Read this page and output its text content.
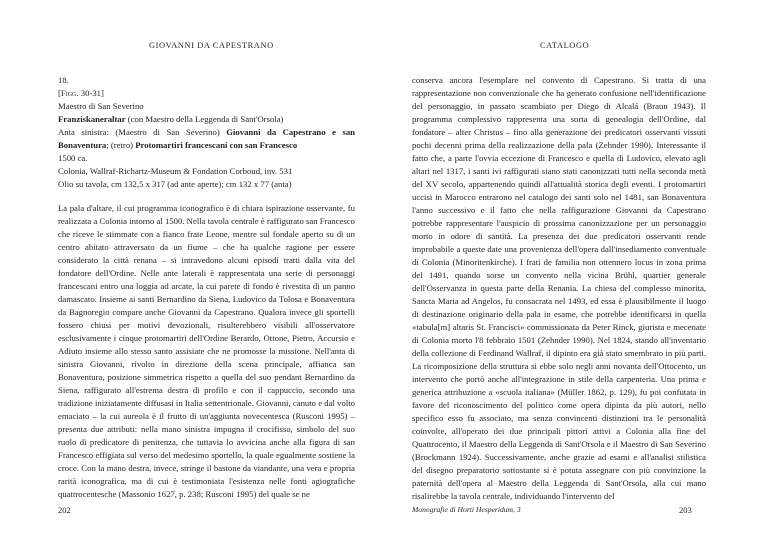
GIOVANNI DA CAPESTRANO
18.
[Figg. 30-31]
Maestro di San Severino
Franziskaneraltar (con Maestro della Leggenda di Sant'Orsola)
Anta sinistra: (Maestro di San Severino) Giovanni da Capestrano e san Bonaventura; (retro) Protomartiri francescani con san Francesco
1500 ca.
Colonia, Wallraf-Richartz-Museum & Fondation Corboud, inv. 531
Olio su tavola, cm 132,5 x 317 (ad ante aperte); cm 132 x 77 (anta)

La pala d'altare, il cui programma iconografico è di chiara ispirazione osservante, fu realizzata a Colonia intorno al 1500. Nella tavola centrale è raffigurato san Francesco che riceve le stimmate con a fianco frate Leone, mentre sul fondale aperto su di un centro abitato attraversato da un fiume – che ha qualche ragione per essere considerato la città renana – si intravedono alcuni episodi tratti dalla vita del fondatore dell'Ordine. Nelle ante laterali è rappresentata una serie di personaggi francescani entro una loggia ad arcate, la cui parete di fondo è rivestita di un panno damascato. Insieme ai santi Bernardino da Siena, Ludovico da Tolosa e Bonaventura da Bagnoregio compare anche Giovanni da Capestrano. Qualora invece gli sportelli fossero chiusi per motivi devozionali, risulterebbero visibili all'osservatore esclusivamente i cinque protomartiri dell'Ordine Berardo, Ottone, Pietro, Accursio e Adiuto insieme allo stesso santo assisiate che ne promosse la missione. Nell'anta di sinistra Giovanni, rivolto in direzione della scena principale, affianca san Bonaventura, posizione simmetrica rispetto a quella del suo pendant Bernardino da Siena, raffigurato all'estrema destra di profilo e con il cappuccio, secondo una tradizione iniziatamente diffusasi in Italia settentrionale. Giovanni, canuto e dal volto emaciato – la cui aureola è il frutto di un'aggiunta novecentesca (Rusconi 1995) – presenta due attributi: nella mano sinistra impugna il crocifisso, simbolo del suo ruolo di predicatore di penitenza, che tuttavia lo avvicina anche alla figura di san Francesco effigiata sul verso del medesimo sportello, la quale egualmente sostiene la croce. Con la mano destra, invece, stringe il bastone da viandante, una vera e propria rarità iconografica, ma di cui è testimoniata l'esistenza nelle fonti agiografiche quattrocentesche (Massonio 1627, p. 238; Rusconi 1995) del quale se ne

202
CATALOGO

conserva ancora l'esemplare nel convento di Capestrano. Si tratta di una rappresentazione non convenzionale che ha generato confusione nell'identificazione del personaggio, in passato scambiato per Diego di Alcalá (Braun 1943). Il programma complessivo rappresenta una sorta di genealogia dell'Ordine, dal fondatore – alter Christus – fino alla generazione dei predicatori osservanti vissuti pochi decenni prima della realizzazione della pala (Zehnder 1990). Interessante il fatto che, a parte l'ovvia eccezione di Francesco e quella di Ludovico, elevato agli altari nel 1317, i santi ivi raffigurati siano stati canonizzati tutti nella seconda metà del XV secolo, appartenendo quindi all'attualità storica degli eventi. I protomartiri uccisi in Marocco entrarono nel catalogo dei santi solo nel 1481, san Bonaventura l'anno successivo e il fatto che nella raffigurazione Giovanni da Capestrano potrebbe rappresentare l'auspicio di prossima canonizzazione per un personaggio morto in odore di santità. La presenza dei due predicatori osservanti rende improbabile a queste date una provenienza dell'opera dall'insediamento conventuale di Colonia (Minoritenkirche). I frati de familia non ottennero locus in zona prima del 1491, quando sorse un convento nella vicina Brühl, quartier generale dell'Osservanza in questa parte della Renania. La chiesa del complesso minorita, Sancta Maria ad Angelos, fu consacrata nel 1493, ed essa è plausibilmente il luogo di destinazione originario della pala in esame, che potrebbe identificarsi in quella «tabula[m] altaris St. Francisci» commissionata da Peter Rinck, giurista e mecenate di Colonia morto l'8 febbraio 1501 (Zehnder 1990). Nel 1824, stando all'inventario della collezione di Ferdinand Wallraf, il dipinto era già stato smembrato in più parti. La ricomposizione della struttura si ebbe solo negli anni novanta dell'Ottocento, un intervento che portò anche all'integrazione in stile della carpenteria. Una prima e generica attribuzione a «scuola italiana» (Müller 1862, p. 129), fu poi confutata in favore del riconoscimento del politico come opera dipinta da più autori, nello specifico esso fu associato, ma senza convincenti distinzioni tra le personalità coinvolte, all'operato dei due principali pittori attivi a Colonia alla fine del Quattrocento, il Maestro della Leggenda di Sant'Orsola e il Maestro di San Severino (Brockmann 1924). Successivamente, anche grazie ad esami e all'analisi stilistica del disegno preparatorio sottostante si è potuta assegnare con più convinzione la paternità dell'opera al Maestro della Leggenda di Sant'Orsola, alla cui mano risalirebbe la tavola centrale, individuando l'intervento del

Monografie di Horti Hesperidum, 3	203
